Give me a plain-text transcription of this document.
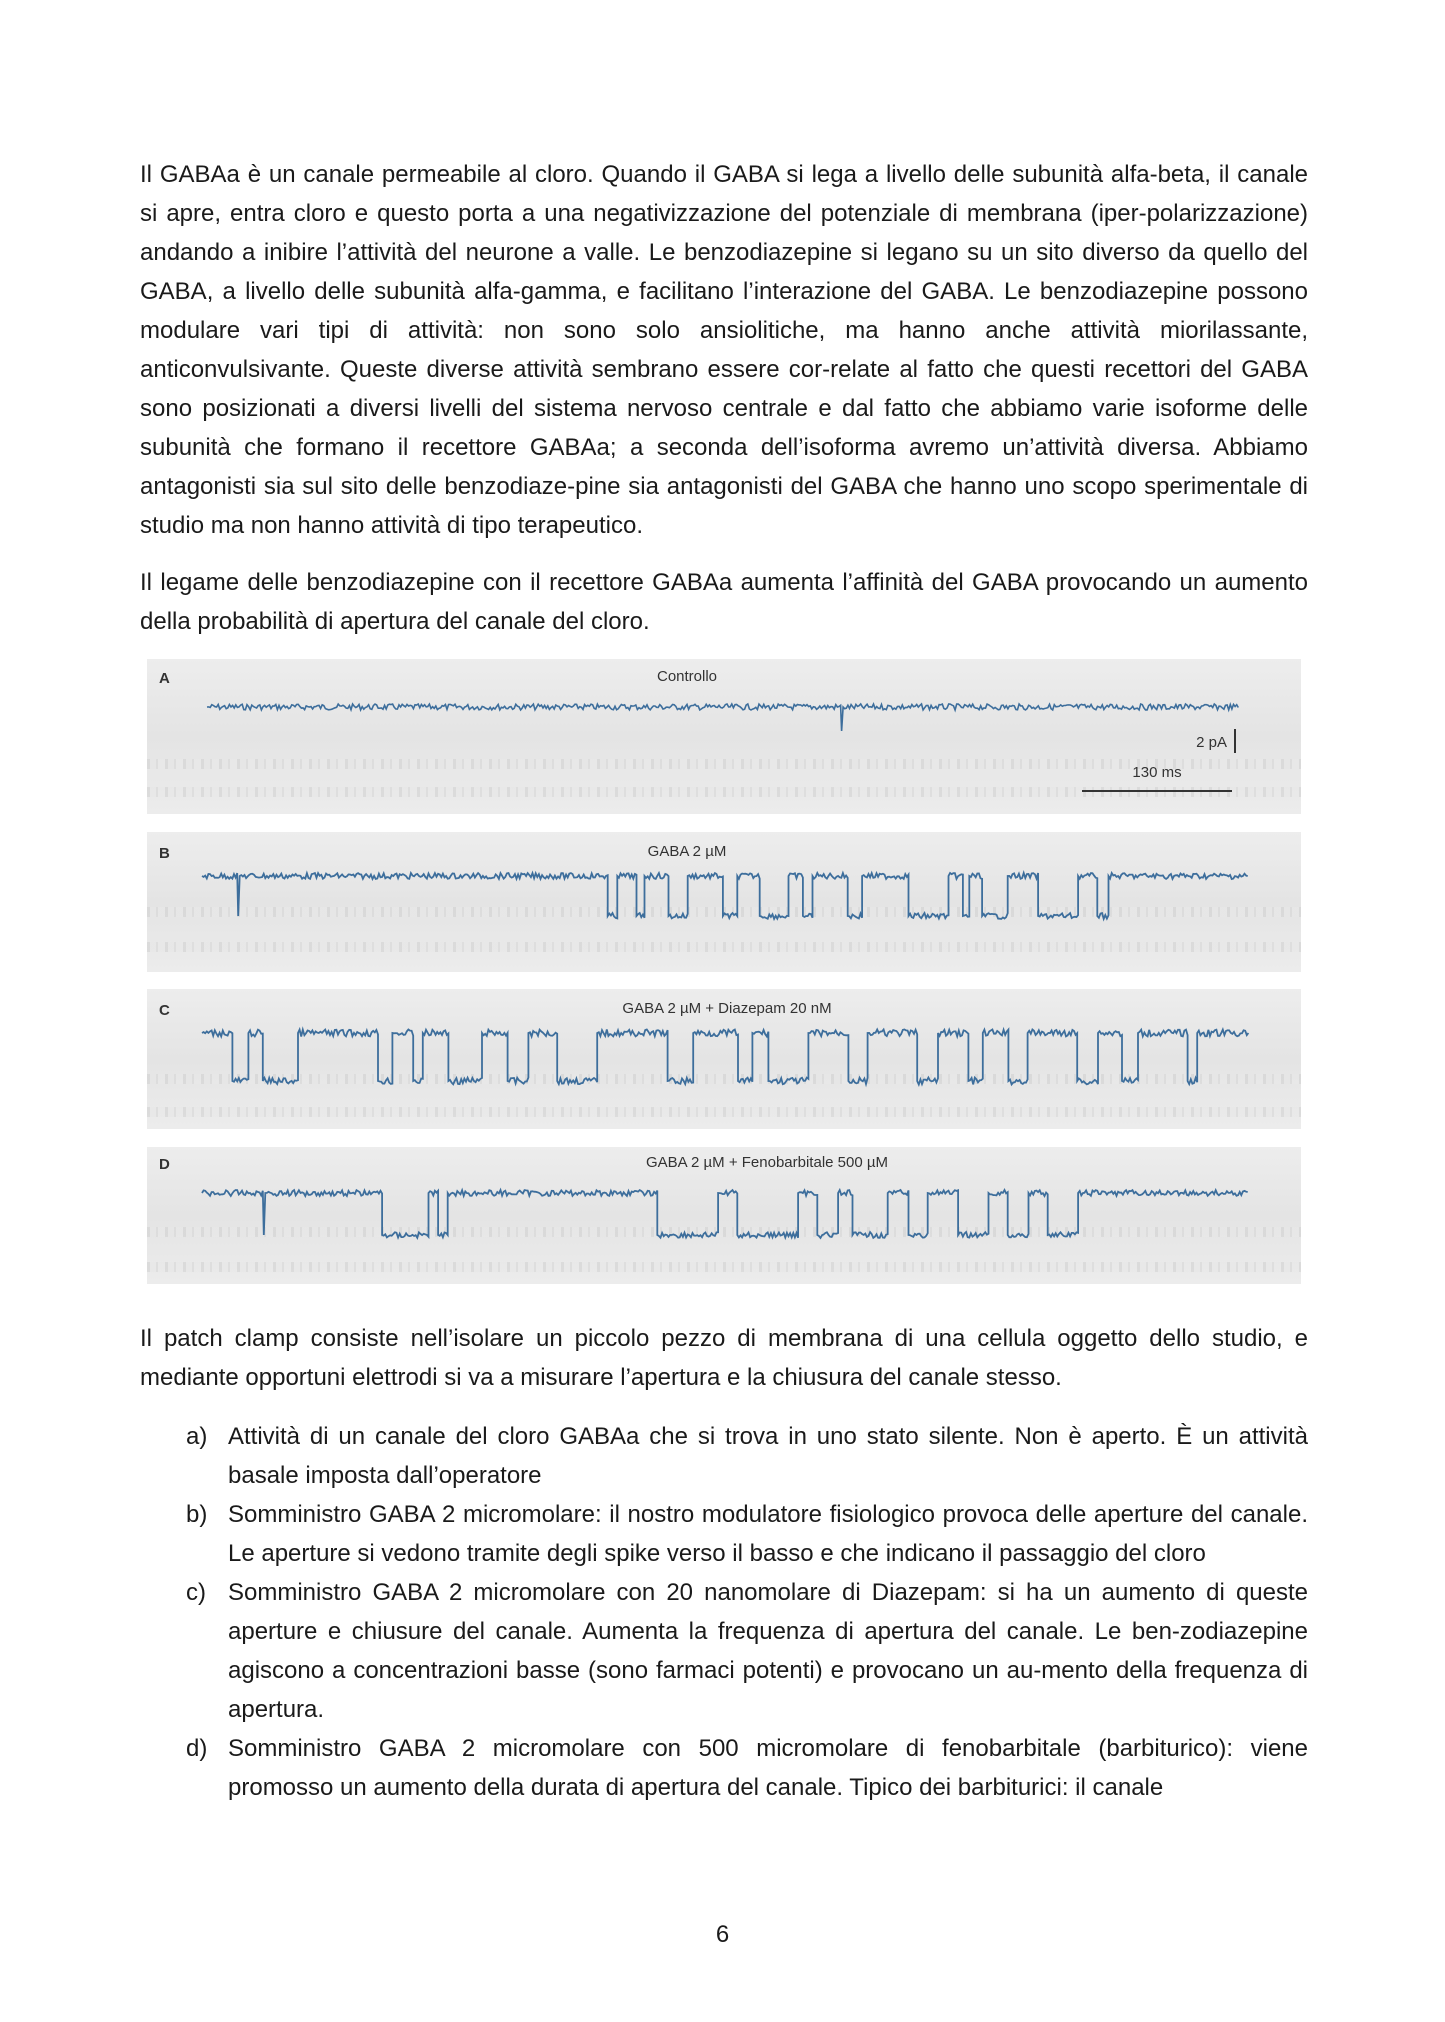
Il GABAa è un canale permeabile al cloro. Quando il GABA si lega a livello delle subunità alfa-beta, il canale si apre, entra cloro e questo porta a una negativizzazione del potenziale di membrana (iper-polarizzazione) andando a inibire l’attività del neurone a valle. Le benzodiazepine si legano su un sito diverso da quello del GABA, a livello delle subunità alfa-gamma, e facilitano l’interazione del GABA. Le benzodiazepine possono modulare vari tipi di attività: non sono solo ansiolitiche, ma hanno anche attività miorilassante, anticonvulsivante. Queste diverse attività sembrano essere cor-relate al fatto che questi recettori del GABA sono posizionati a diversi livelli del sistema nervoso centrale e dal fatto che abbiamo varie isoforme delle subunità che formano il recettore GABAa; a seconda dell’isoforma avremo un’attività diversa. Abbiamo antagonisti sia sul sito delle benzodiaze-pine sia antagonisti del GABA che hanno uno scopo sperimentale di studio ma non hanno attività di tipo terapeutico.

Il legame delle benzodiazepine con il recettore GABAa aumenta l’affinità del GABA provocando un aumento della probabilità di apertura del canale del cloro.

A	Controllo
2 pA
130 ms
B	GABA 2 µM
C	GABA 2 µM + Diazepam 20 nM
D	GABA 2 µM + Fenobarbitale 500 µM

Il patch clamp consiste nell’isolare un piccolo pezzo di membrana di una cellula oggetto dello studio, e mediante opportuni elettrodi si va a misurare l’apertura e la chiusura del canale stesso.

a) Attività di un canale del cloro GABAa che si trova in uno stato silente. Non è aperto. È un attività basale imposta dall’operatore
b) Somministro GABA 2 micromolare: il nostro modulatore fisiologico provoca delle aperture del canale. Le aperture si vedono tramite degli spike verso il basso e che indicano il passaggio del cloro
c) Somministro GABA 2 micromolare con 20 nanomolare di Diazepam: si ha un aumento di queste aperture e chiusure del canale. Aumenta la frequenza di apertura del canale. Le ben-zodiazepine agiscono a concentrazioni basse (sono farmaci potenti) e provocano un au-mento della frequenza di apertura.
d) Somministro GABA 2 micromolare con 500 micromolare di fenobarbitale (barbiturico): viene promosso un aumento della durata di apertura del canale. Tipico dei barbiturici: il canale
6
